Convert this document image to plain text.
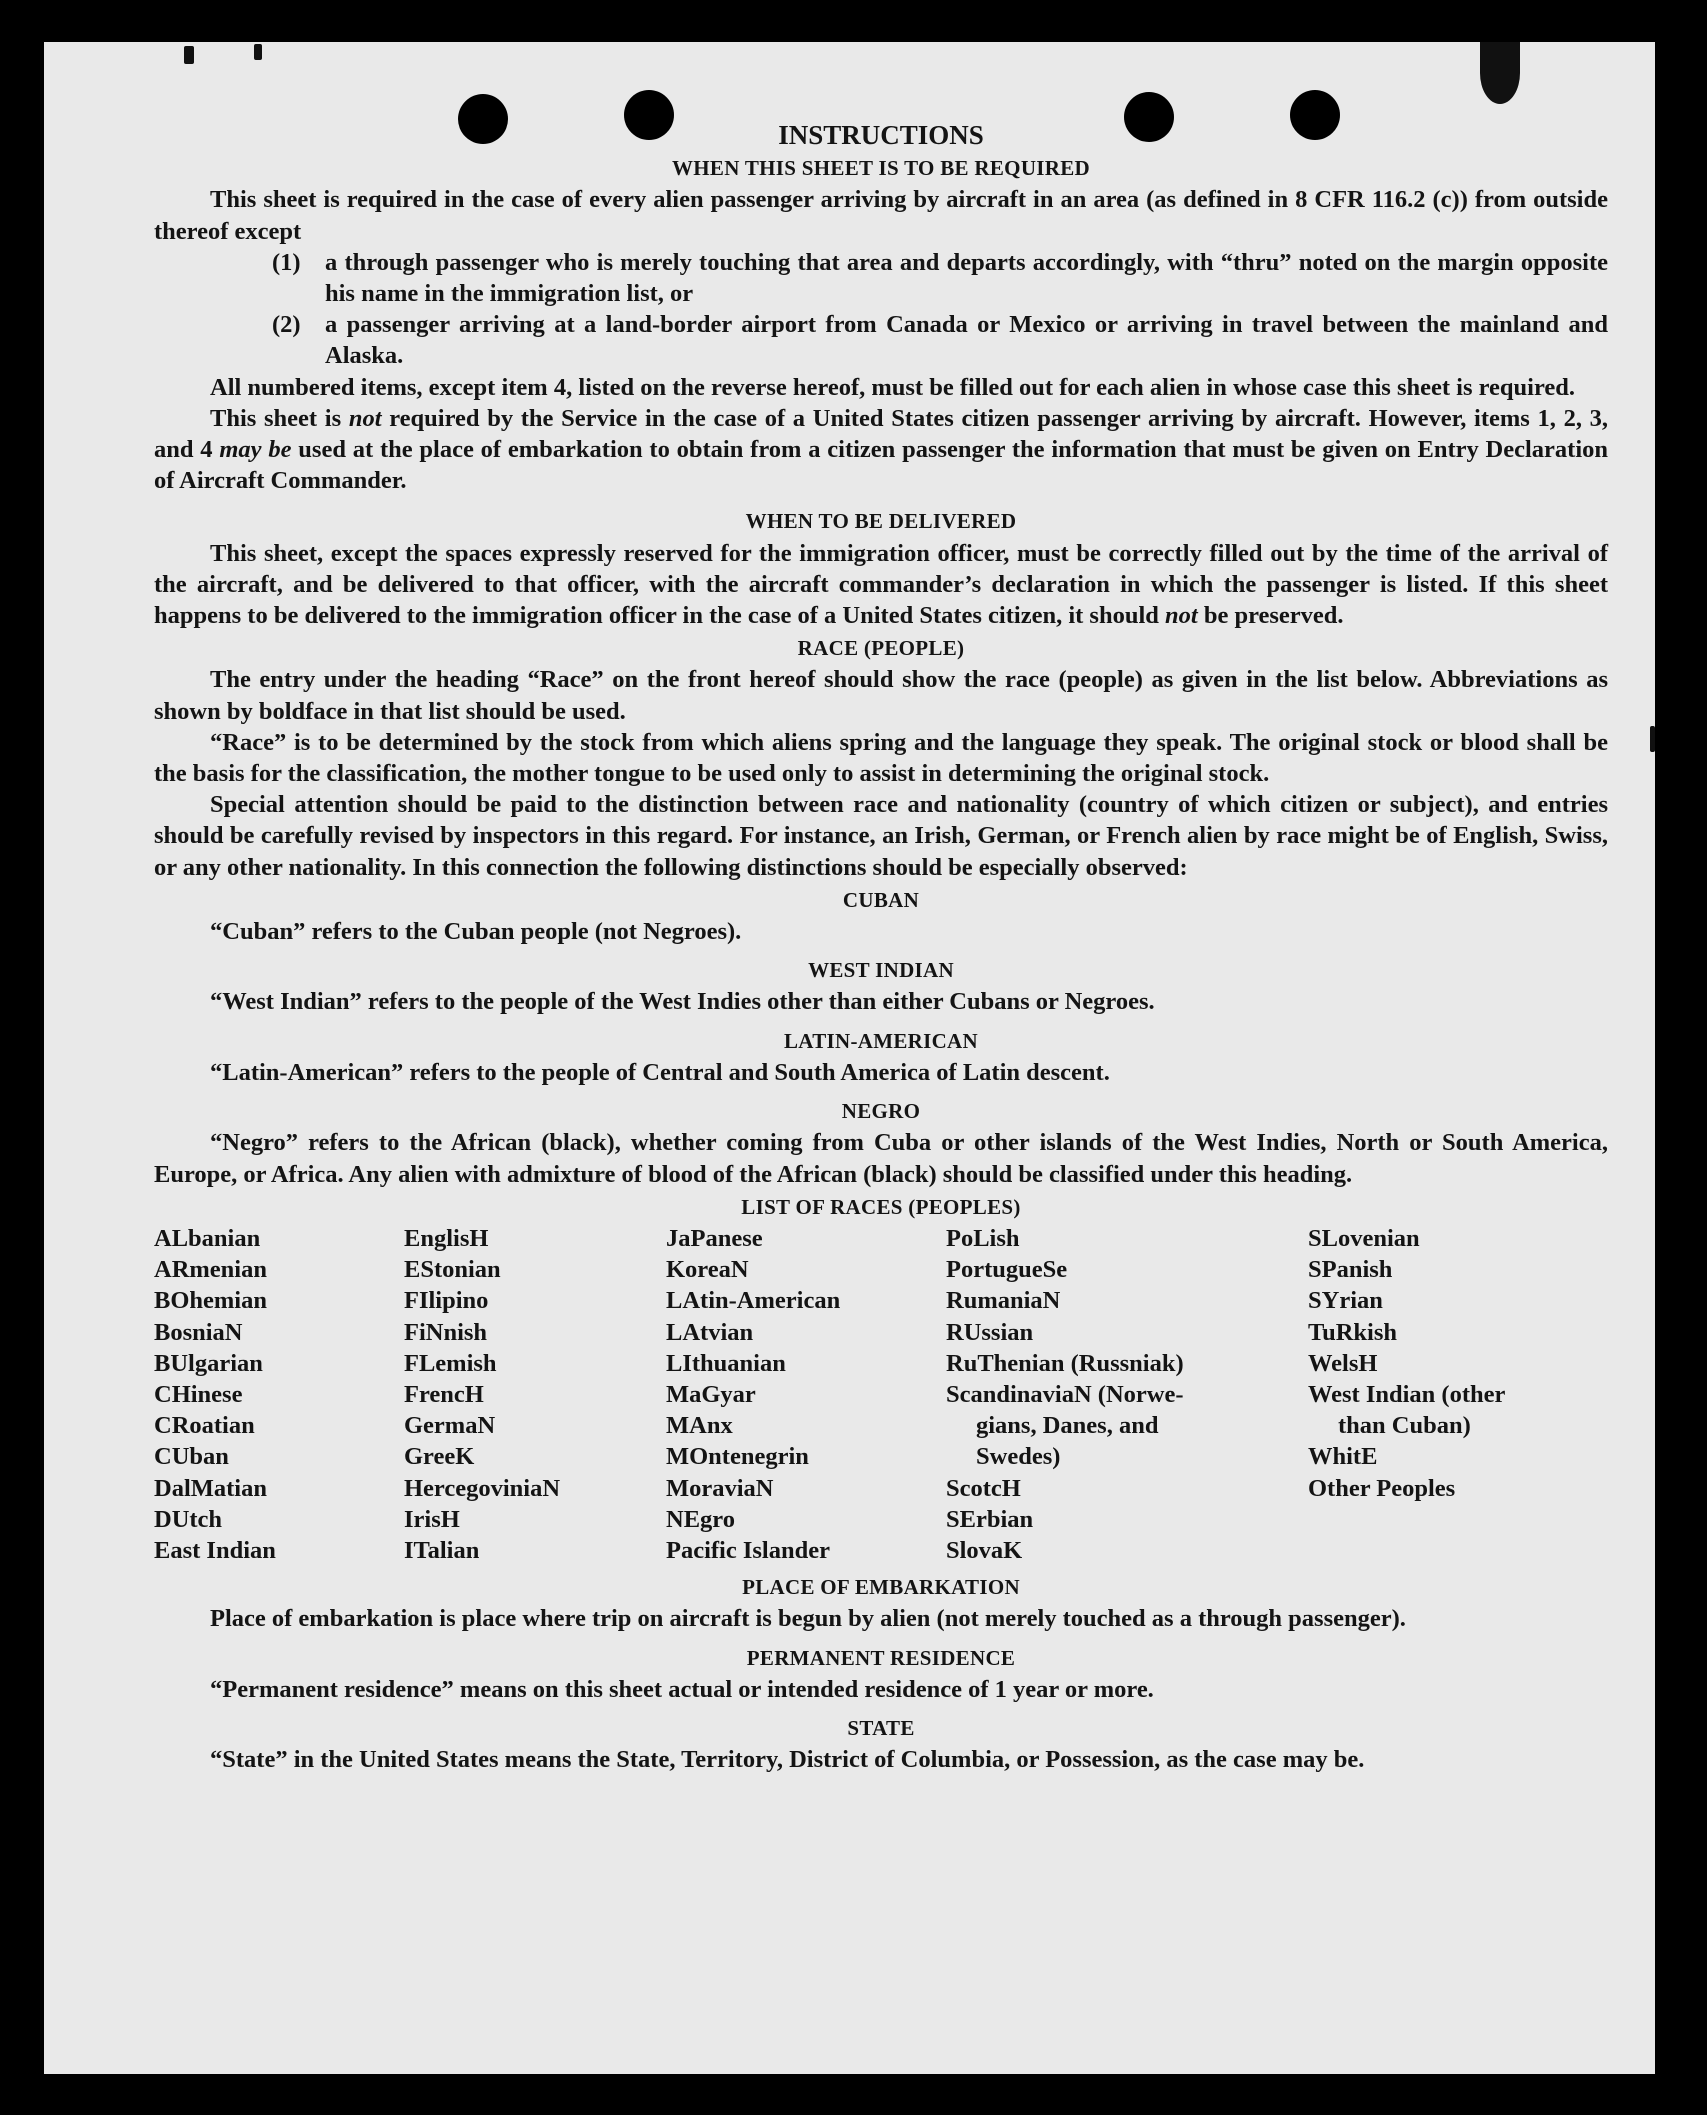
INSTRUCTIONS

WHEN THIS SHEET IS TO BE REQUIRED

This sheet is required in the case of every alien passenger arriving by aircraft in an area (as defined in 8 CFR 116.2 (c)) from outside thereof except

(1) a through passenger who is merely touching that area and departs accordingly, with “thru” noted on the margin opposite his name in the immigration list, or

(2) a passenger arriving at a land-border airport from Canada or Mexico or arriving in travel between the mainland and Alaska.

All numbered items, except item 4, listed on the reverse hereof, must be filled out for each alien in whose case this sheet is required.

This sheet is not required by the Service in the case of a United States citizen passenger arriving by aircraft. However, items 1, 2, 3, and 4 may be used at the place of embarkation to obtain from a citizen passenger the information that must be given on Entry Declaration of Aircraft Commander.

WHEN TO BE DELIVERED

This sheet, except the spaces expressly reserved for the immigration officer, must be correctly filled out by the time of the arrival of the aircraft, and be delivered to that officer, with the aircraft commander’s declaration in which the passenger is listed. If this sheet happens to be delivered to the immigration officer in the case of a United States citizen, it should not be preserved.

RACE (PEOPLE)

The entry under the heading “Race” on the front hereof should show the race (people) as given in the list below. Abbreviations as shown by boldface in that list should be used.

“Race” is to be determined by the stock from which aliens spring and the language they speak. The original stock or blood shall be the basis for the classification, the mother tongue to be used only to assist in determining the original stock.

Special attention should be paid to the distinction between race and nationality (country of which citizen or subject), and entries should be carefully revised by inspectors in this regard. For instance, an Irish, German, or French alien by race might be of English, Swiss, or any other nationality. In this connection the following distinctions should be especially observed:

CUBAN

“Cuban” refers to the Cuban people (not Negroes).

WEST INDIAN

“West Indian” refers to the people of the West Indies other than either Cubans or Negroes.

LATIN-AMERICAN

“Latin-American” refers to the people of Central and South America of Latin descent.

NEGRO

“Negro” refers to the African (black), whether coming from Cuba or other islands of the West Indies, North or South America, Europe, or Africa. Any alien with admixture of blood of the African (black) should be classified under this heading.

LIST OF RACES (PEOPLES)

ALbanian
ARmenian
BOhemian
BosniaN
BUlgarian
CHinese
CRoatian
CUban
DalMatian
DUtch
East Indian
EnglisH
EStonian
FIlipino
FiNnish
FLemish
FrencH
GermaN
GreeK
HercegoviniaN
IrisH
ITalian
JaPanese
KoreaN
LAtin-American
LAtvian
LIthuanian
MaGyar
MAnx
MOntenegrin
MoraviaN
NEgro
Pacific Islander
PoLish
PortugueSe
RumaniaN
RUssian
RuThenian (Russniak)
ScandinaviaN (Norwe-
gians, Danes, and
Swedes)
ScotcH
SErbian
SlovaK
SLovenian
SPanish
SYrian
TuRkish
WelsH
West Indian (other
than Cuban)
WhitE
Other Peoples

PLACE OF EMBARKATION

Place of embarkation is place where trip on aircraft is begun by alien (not merely touched as a through passenger).

PERMANENT RESIDENCE

“Permanent residence” means on this sheet actual or intended residence of 1 year or more.

STATE

“State” in the United States means the State, Territory, District of Columbia, or Possession, as the case may be.
